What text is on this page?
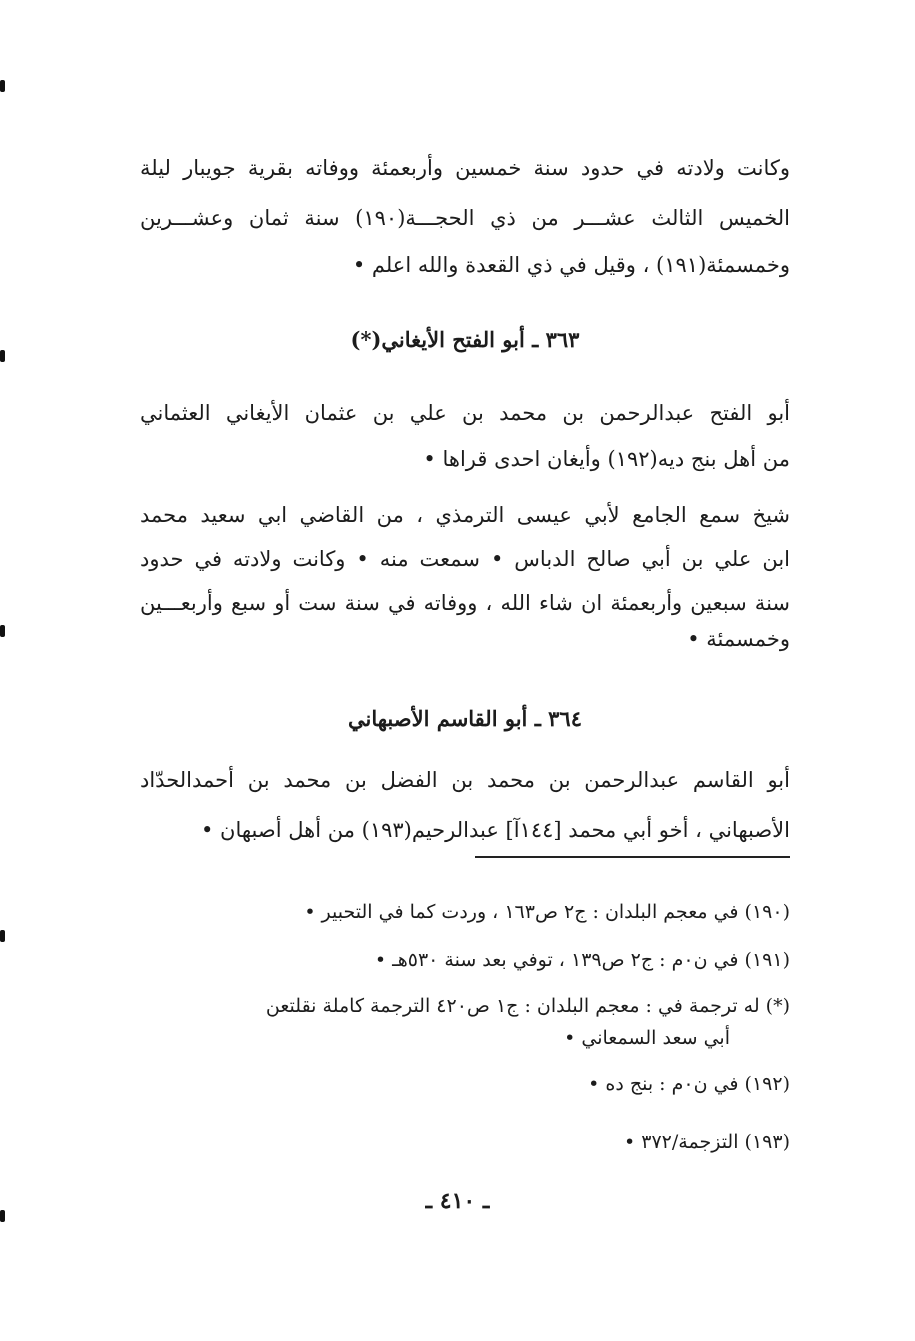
وكانت ولادته في حدود سنة خمسين وأربعمئة ووفاته بقرية جويبار ليلة
الخميس الثالث عشـــر من ذي الحجـــة(١٩٠) سنة ثمان وعشـــرين
وخمسمئة(١٩١) ، وقيل في ذي القعدة والله اعلم •
٣٦٣ ـ أبو الفتح الأيغاني(*)
أبو الفتح عبدالرحمن بن محمد بن علي بن عثمان الأيغاني العثماني
من أهل بنج ديه(١٩٢) وأيغان احدى قراها •
شيخ سمع الجامع لأبي عيسى الترمذي ، من القاضي ابي سعيد محمد
ابن علي بن أبي صالح الدباس • سمعت منه • وكانت ولادته في حدود
سنة سبعين وأربعمئة ان شاء الله ، ووفاته في سنة ست أو سبع وأربعـــين
وخمسمئة •
٣٦٤ ـ أبو القاسم الأصبهاني
أبو القاسم عبدالرحمن بن محمد بن الفضل بن محمد بن أحمدالحدّاد
الأصبهاني ، أخو أبي محمد [١٤٤آ] عبدالرحيم(١٩٣) من أهل أصبهان •
(١٩٠) في معجم البلدان : ج٢ ص١٦٣ ، وردت كما في التحبير •
(١٩١) في ن٠م : ج٢ ص١٣٩ ، توفي بعد سنة ٥٣٠هـ •
(*) له ترجمة في : معجم البلدان : ج١ ص٤٢٠ الترجمة كاملة نقلتعن
أبي سعد السمعاني •
(١٩٢) في ن٠م : بنج ده •
(١٩٣) التزجمة/٣٧٢ •
ـ ٤١٠ ـ
